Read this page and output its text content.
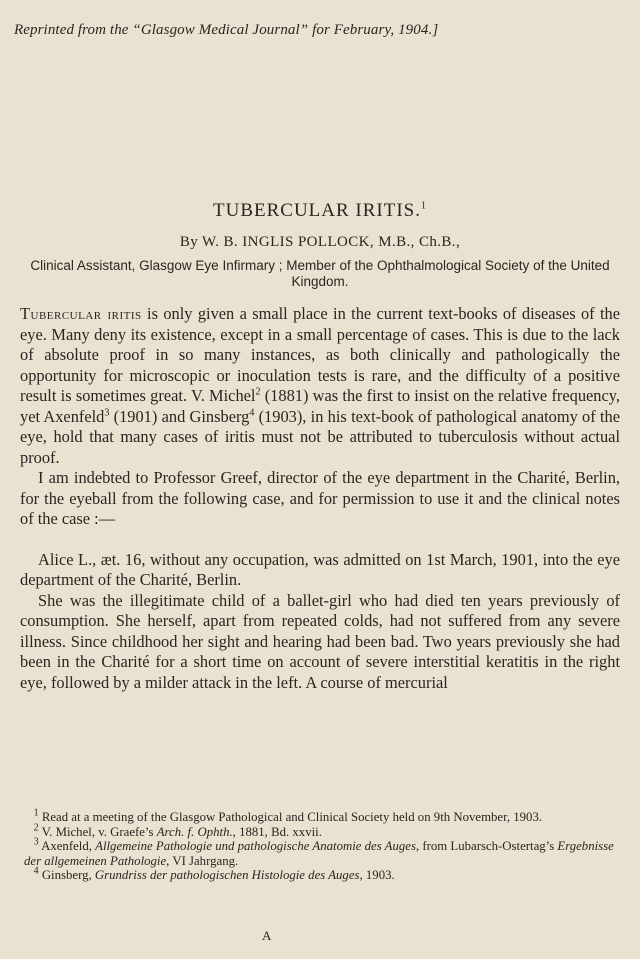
Reprinted from the “Glasgow Medical Journal” for February, 1904.]
TUBERCULAR IRITIS.$^1$
By W. B. INGLIS POLLOCK, M.B., Ch.B.,
Clinical Assistant, Glasgow Eye Infirmary ; Member of the Ophthalmological Society of the United Kingdom.

Tubercular iritis is only given a small place in the current text-books of diseases of the eye. Many deny its existence, except in a small percentage of cases. This is due to the lack of absolute proof in so many instances, as both clinically and pathologically the opportunity for microscopic or inoculation tests is rare, and the difficulty of a positive result is sometimes great. V. Michel$^2$ (1881) was the first to insist on the relative frequency, yet Axenfeld$^3$ (1901) and Ginsberg$^4$ (1903), in his text-book of pathological anatomy of the eye, hold that many cases of iritis must not be attributed to tuberculosis without actual proof.

I am indebted to Professor Greef, director of the eye department in the Charité, Berlin, for the eyeball from the following case, and for permission to use it and the clinical notes of the case :—

Alice L., æt. 16, without any occupation, was admitted on 1st March, 1901, into the eye department of the Charité, Berlin.

She was the illegitimate child of a ballet-girl who had died ten years previously of consumption. She herself, apart from repeated colds, had not suffered from any severe illness. Since childhood her sight and hearing had been bad. Two years previously she had been in the Charité for a short time on account of severe interstitial keratitis in the right eye, followed by a milder attack in the left. A course of mercurial

$^1$ Read at a meeting of the Glasgow Pathological and Clinical Society held on 9th November, 1903.

$^2$ V. Michel, v. Graefe’s Arch. f. Ophth., 1881, Bd. xxvii.

$^3$ Axenfeld, Allgemeine Pathologie und pathologische Anatomie des Auges, from Lubarsch-Ostertag’s Ergebnisse der allgemeinen Pathologie, VI Jahrgang.

$^4$ Ginsberg, Grundriss der pathologischen Histologie des Auges, 1903.

A
